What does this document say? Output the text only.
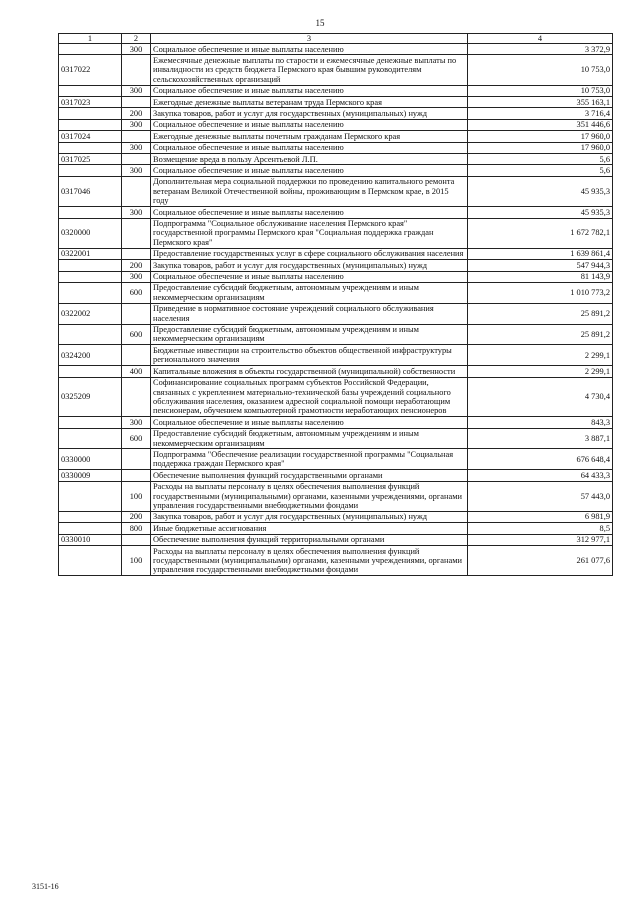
15
1	2	3	4
	300	Социальное обеспечение и иные выплаты населению	3 372,9
0317022		Ежемесячные денежные выплаты по старости и ежемесячные денежные выплаты по инвалидности из средств бюджета Пермского края бывшим руководителям сельскохозяйственных организаций	10 753,0
	300	Социальное обеспечение и иные выплаты населению	10 753,0
0317023		Ежегодные денежные выплаты ветеранам труда Пермского края	355 163,1
	200	Закупка товаров, работ и услуг для государственных (муниципальных) нужд	3 716,4
	300	Социальное обеспечение и иные выплаты населению	351 446,6
0317024		Ежегодные денежные выплаты почетным гражданам Пермского края	17 960,0
	300	Социальное обеспечение и иные выплаты населению	17 960,0
0317025		Возмещение вреда в пользу Арсентьевой Л.П.	5,6
	300	Социальное обеспечение и иные выплаты населению	5,6
0317046		Дополнительная мера социальной поддержки по проведению капитального ремонта ветеранам Великой Отечественной войны, проживающим в Пермском крае, в 2015 году	45 935,3
	300	Социальное обеспечение и иные выплаты населению	45 935,3
0320000		Подпрограмма "Социальное обслуживание населения Пермского края" государственной программы Пермского края "Социальная поддержка граждан Пермского края"	1 672 782,1
0322001		Предоставление государственных услуг в сфере социального обслуживания населения	1 639 861,4
	200	Закупка товаров, работ и услуг для государственных (муниципальных) нужд	547 944,3
	300	Социальное обеспечение и иные выплаты населению	81 143,9
	600	Предоставление субсидий бюджетным, автономным учреждениям и иным некоммерческим организациям	1 010 773,2
0322002		Приведение в нормативное состояние учреждений социального обслуживания населения	25 891,2
	600	Предоставление субсидий бюджетным, автономным учреждениям и иным некоммерческим организациям	25 891,2
0324200		Бюджетные инвестиции на строительство объектов общественной инфраструктуры регионального значения	2 299,1
	400	Капитальные вложения в объекты государственной (муниципальной) собственности	2 299,1
0325209		Софинансирование социальных программ субъектов Российской Федерации, связанных с укреплением материально-технической базы учреждений социального обслуживания населения, оказанием адресной социальной помощи неработающим пенсионерам, обучением компьютерной грамотности неработающих пенсионеров	4 730,4
	300	Социальное обеспечение и иные выплаты населению	843,3
	600	Предоставление субсидий бюджетным, автономным учреждениям и иным некоммерческим организациям	3 887,1
0330000		Подпрограмма "Обеспечение реализации государственной программы "Социальная поддержка граждан Пермского края"	676 648,4
0330009		Обеспечение выполнения функций государственными органами	64 433,3
	100	Расходы на выплаты персоналу в целях обеспечения выполнения функций государственными (муниципальными) органами, казенными учреждениями, органами управления государственными внебюджетными фондами	57 443,0
	200	Закупка товаров, работ и услуг для государственных (муниципальных) нужд	6 981,9
	800	Иные бюджетные ассигнования	8,5
0330010		Обеспечение выполнения функций территориальными органами	312 977,1
	100	Расходы на выплаты персоналу в целях обеспечения выполнения функций государственными (муниципальными) органами, казенными учреждениями, органами управления государственными внебюджетными фондами	261 077,6
3151-16
